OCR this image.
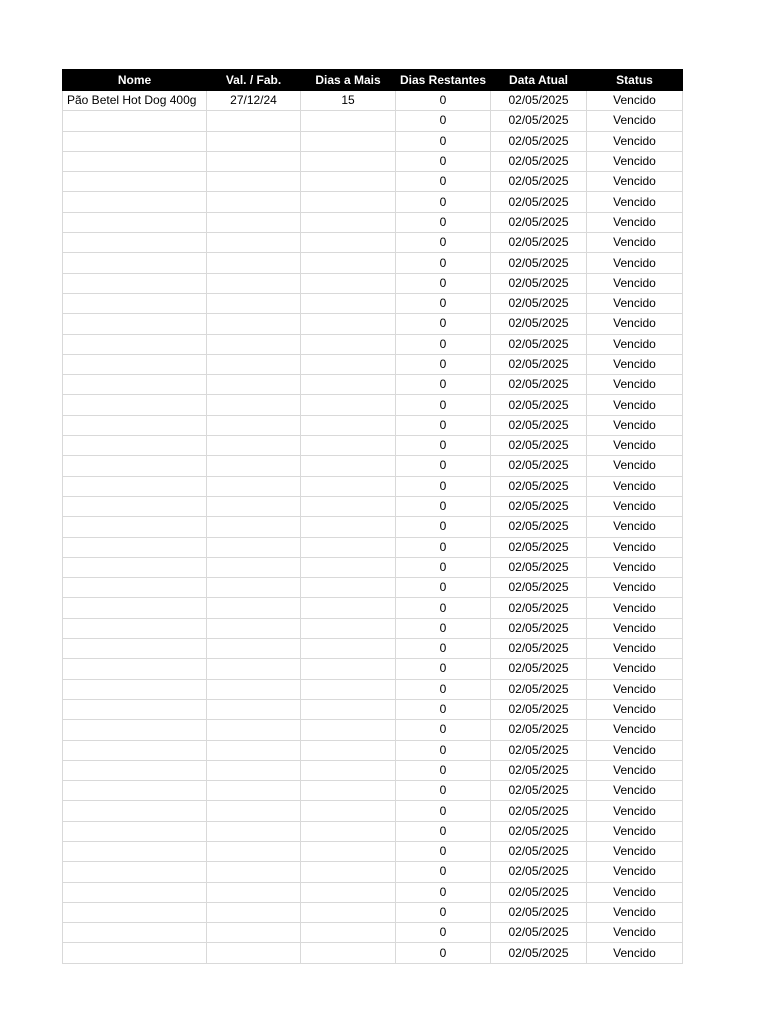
Nome	Val. / Fab.	Dias a Mais	Dias Restantes	Data Atual	Status
Pão Betel Hot Dog 400g	27/12/24	15	0	02/05/2025	Vencido
			0	02/05/2025	Vencido
			0	02/05/2025	Vencido
			0	02/05/2025	Vencido
			0	02/05/2025	Vencido
			0	02/05/2025	Vencido
			0	02/05/2025	Vencido
			0	02/05/2025	Vencido
			0	02/05/2025	Vencido
			0	02/05/2025	Vencido
			0	02/05/2025	Vencido
			0	02/05/2025	Vencido
			0	02/05/2025	Vencido
			0	02/05/2025	Vencido
			0	02/05/2025	Vencido
			0	02/05/2025	Vencido
			0	02/05/2025	Vencido
			0	02/05/2025	Vencido
			0	02/05/2025	Vencido
			0	02/05/2025	Vencido
			0	02/05/2025	Vencido
			0	02/05/2025	Vencido
			0	02/05/2025	Vencido
			0	02/05/2025	Vencido
			0	02/05/2025	Vencido
			0	02/05/2025	Vencido
			0	02/05/2025	Vencido
			0	02/05/2025	Vencido
			0	02/05/2025	Vencido
			0	02/05/2025	Vencido
			0	02/05/2025	Vencido
			0	02/05/2025	Vencido
			0	02/05/2025	Vencido
			0	02/05/2025	Vencido
			0	02/05/2025	Vencido
			0	02/05/2025	Vencido
			0	02/05/2025	Vencido
			0	02/05/2025	Vencido
			0	02/05/2025	Vencido
			0	02/05/2025	Vencido
			0	02/05/2025	Vencido
			0	02/05/2025	Vencido
			0	02/05/2025	Vencido
